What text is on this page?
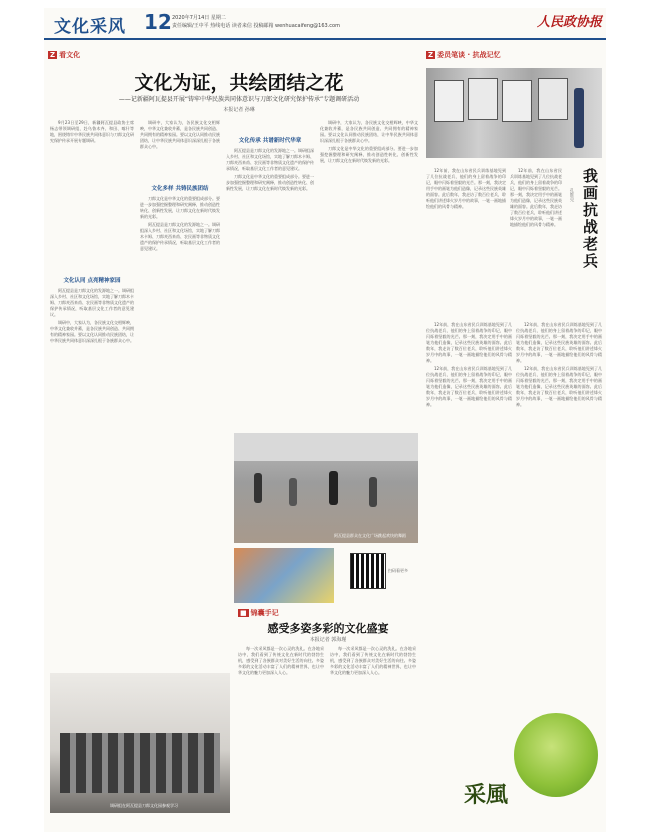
文化采风 12 2020年7月14日 星期二
责任编辑/王中平 热线电话 读者来信 投稿邮箱 wenhuacaifeng@163.com	人民政协报
Z 看文化
文化为证，共绘团结之花
——记新疆阿瓦提县开展“铸牢中华民族共同体意识与刀郎文化研究保护传承”专题调研活动
本报记者 孙琳

9月23日至29日，新疆阿瓦提县政协主席杨志带领调研组，赴乌鲁木齐、和田、喀什等地，围绕铸牢中华民族共同体意识与刀郎文化研究保护传承开展专题调研。

文化认同 点亮精神家园

阿瓦提县是刀郎文化的发源地之一。调研组深入乡村、社区和文化场馆，实地了解刀郎木卡姆、刀郎麦西来甫、农民画等非物质文化遗产的保护传承情况，听取基层文化工作者的意见建议。

调研中，大家认为，各民族文化交相辉映，中华文化兼收并蓄，是各民族共同创造、共同拥有的精神家园。要以文化认同推动民族团结，让中华民族共同体意识深深扎根于各族群众心中。

调研中，大家认为，各民族文化交相辉映，中华文化兼收并蓄，是各民族共同创造、共同拥有的精神家园。要以文化认同推动民族团结，让中华民族共同体意识深深扎根于各族群众心中。

文化多样 共铸民族团结

刀郎文化是中华文化的重要组成部分。要进一步加强挖掘整理和研究阐释，推动创造性转化、创新性发展，让刀郎文化在新时代焕发新的光彩。

阿瓦提县是刀郎文化的发源地之一。调研组深入乡村、社区和文化场馆，实地了解刀郎木卡姆、刀郎麦西来甫、农民画等非物质文化遗产的保护传承情况，听取基层文化工作者的意见建议。

文化传承 共谱新时代华章

阿瓦提县是刀郎文化的发源地之一。调研组深入乡村、社区和文化场馆，实地了解刀郎木卡姆、刀郎麦西来甫、农民画等非物质文化遗产的保护传承情况，听取基层文化工作者的意见建议。

刀郎文化是中华文化的重要组成部分。要进一步加强挖掘整理和研究阐释，推动创造性转化、创新性发展，让刀郎文化在新时代焕发新的光彩。

调研中，大家认为，各民族文化交相辉映，中华文化兼收并蓄，是各民族共同创造、共同拥有的精神家园。要以文化认同推动民族团结，让中华民族共同体意识深深扎根于各族群众心中。

刀郎文化是中华文化的重要组成部分。要进一步加强挖掘整理和研究阐释，推动创造性转化、创新性发展，让刀郎文化在新时代焕发新的光彩。

阿瓦提县群众在文化广场跳起欢快的舞蹈
扫码看更多
调研组在阿瓦提县刀郎文化园参观学习
■ 锦囊手记
感受多姿多彩的文化盛宴
本报记者 郭海瑾

每一次采风都是一次心灵的洗礼。在各地采访中，我们看到了传统文化在新时代的勃勃生机，感受到了各族群众对美好生活的向往。多姿多彩的文化活动丰富了人们的精神世界，也让中华文化的魅力更加深入人心。

每一次采风都是一次心灵的洗礼。在各地采访中，我们看到了传统文化在新时代的勃勃生机，感受到了各族群众对美好生活的向往。多姿多彩的文化活动丰富了人们的精神世界，也让中华文化的魅力更加深入人心。

Z 委员笔谈 · 抗战记忆
我画抗战老兵
孔维克

12年前，我在山东省民兵训练基地见到了几位抗战老兵，他们的身上留着战争的印记，眼中闪烁着坚毅的光芒。那一刻，我决定用手中的画笔为他们造像，记录这些民族英雄的面容。此后数年，我走访了数百位老兵，聆听他们讲述烽火岁月中的故事，一笔一画地描绘他们的风骨与精神。

12年前，我在山东省民兵训练基地见到了几位抗战老兵，他们的身上留着战争的印记，眼中闪烁着坚毅的光芒。那一刻，我决定用手中的画笔为他们造像，记录这些民族英雄的面容。此后数年，我走访了数百位老兵，聆听他们讲述烽火岁月中的故事，一笔一画地描绘他们的风骨与精神。

12年前，我在山东省民兵训练基地见到了几位抗战老兵，他们的身上留着战争的印记，眼中闪烁着坚毅的光芒。那一刻，我决定用手中的画笔为他们造像，记录这些民族英雄的面容。此后数年，我走访了数百位老兵，聆听他们讲述烽火岁月中的故事，一笔一画地描绘他们的风骨与精神。

12年前，我在山东省民兵训练基地见到了几位抗战老兵，他们的身上留着战争的印记，眼中闪烁着坚毅的光芒。那一刻，我决定用手中的画笔为他们造像，记录这些民族英雄的面容。此后数年，我走访了数百位老兵，聆听他们讲述烽火岁月中的故事，一笔一画地描绘他们的风骨与精神。

12年前，我在山东省民兵训练基地见到了几位抗战老兵，他们的身上留着战争的印记，眼中闪烁着坚毅的光芒。那一刻，我决定用手中的画笔为他们造像，记录这些民族英雄的面容。此后数年，我走访了数百位老兵，聆听他们讲述烽火岁月中的故事，一笔一画地描绘他们的风骨与精神。

12年前，我在山东省民兵训练基地见到了几位抗战老兵，他们的身上留着战争的印记，眼中闪烁着坚毅的光芒。那一刻，我决定用手中的画笔为他们造像，记录这些民族英雄的面容。此后数年，我走访了数百位老兵，聆听他们讲述烽火岁月中的故事，一笔一画地描绘他们的风骨与精神。

采風
